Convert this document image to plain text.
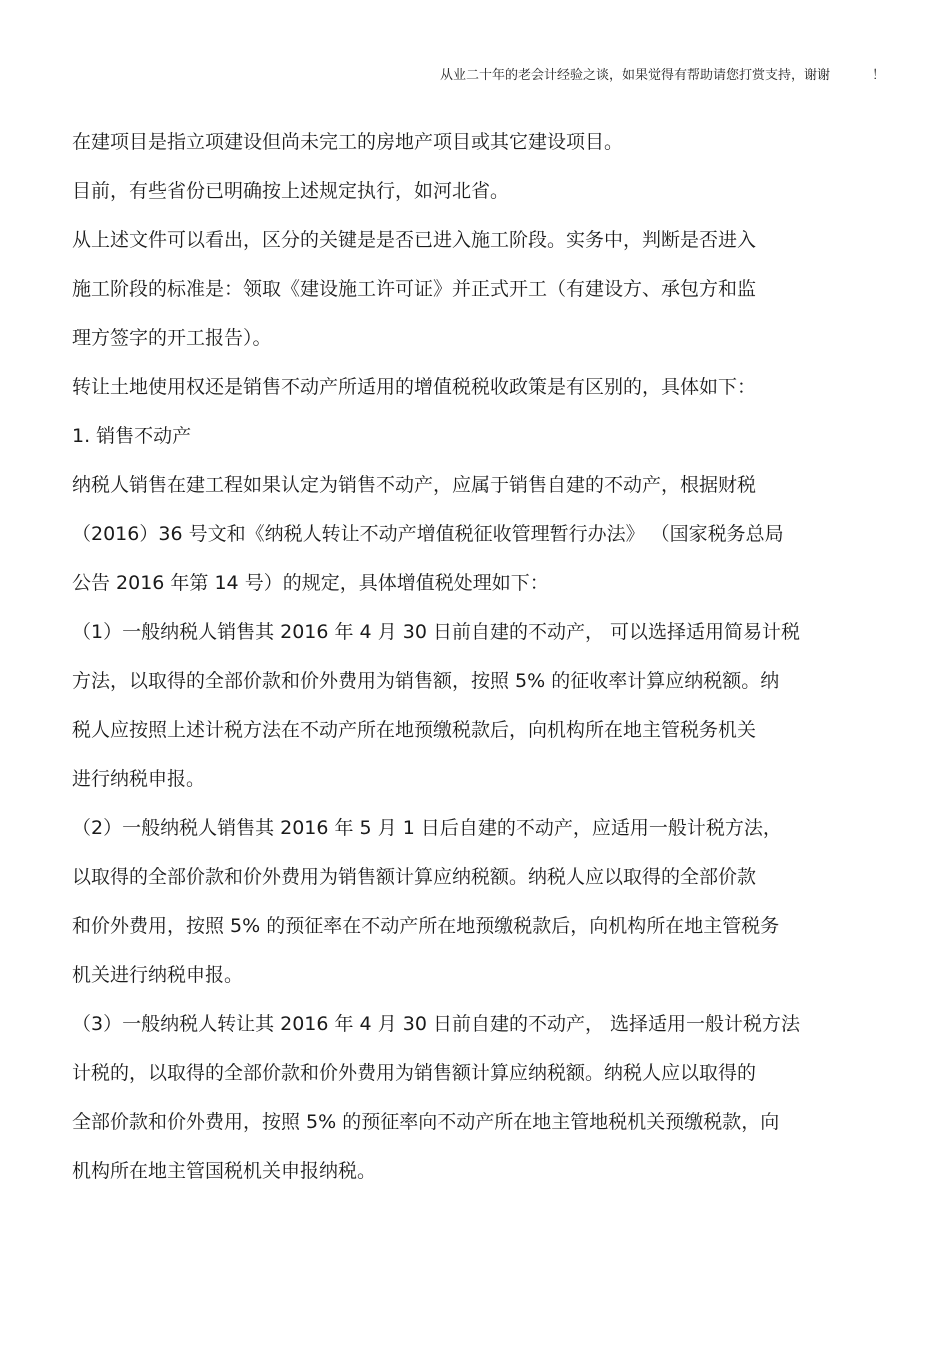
从业二十年的老会计经验之谈，如果觉得有帮助请您打赏支持，谢谢	！
在建项目是指立项建设但尚未完工的房地产项目或其它建设项目。
目前，有些省份已明确按上述规定执行，如河北省。
从上述文件可以看出，区分的关键是是否已进入施工阶段。实务中，判断是否进入
施工阶段的标准是：领取《建设施工许可证》并正式开工（有建设方、承包方和监
理方签字的开工报告）。
转让土地使用权还是销售不动产所适用的增值税税收政策是有区别的，具体如下：
1. 销售不动产
纳税人销售在建工程如果认定为销售不动产，应属于销售自建的不动产，根据财税
（2016）36 号文和《纳税人转让不动产增值税征收管理暂行办法》 （国家税务总局
公告 2016 年第 14 号）的规定，具体增值税处理如下：
（1）一般纳税人销售其 2016 年 4 月 30 日前自建的不动产， 可以选择适用简易计税
方法，以取得的全部价款和价外费用为销售额，按照 5% 的征收率计算应纳税额。纳
税人应按照上述计税方法在不动产所在地预缴税款后，向机构所在地主管税务机关
进行纳税申报。
（2）一般纳税人销售其 2016 年 5 月 1 日后自建的不动产，应适用一般计税方法，
以取得的全部价款和价外费用为销售额计算应纳税额。纳税人应以取得的全部价款
和价外费用，按照 5% 的预征率在不动产所在地预缴税款后，向机构所在地主管税务
机关进行纳税申报。
（3）一般纳税人转让其 2016 年 4 月 30 日前自建的不动产， 选择适用一般计税方法
计税的，以取得的全部价款和价外费用为销售额计算应纳税额。纳税人应以取得的
全部价款和价外费用，按照 5% 的预征率向不动产所在地主管地税机关预缴税款，向
机构所在地主管国税机关申报纳税。
